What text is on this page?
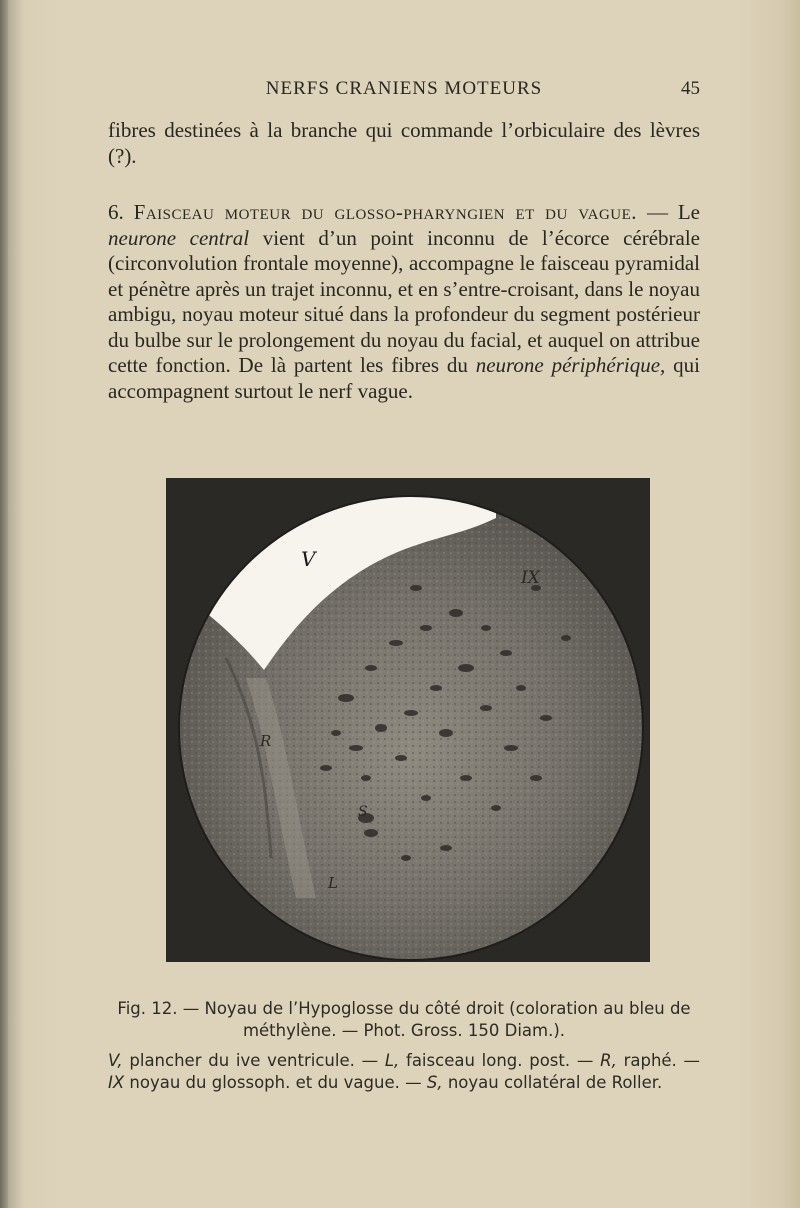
NERFS CRANIENS MOTEURS	45

fibres destinées à la branche qui commande l’orbiculaire des lèvres (?).

6. Faisceau moteur du glosso-pharyngien et du vague. — Le neurone central vient d’un point inconnu de l’écorce cérébrale (circonvolution frontale moyenne), accompagne le faisceau pyramidal et pénètre après un trajet inconnu, et en s’entre-croisant, dans le noyau ambigu, noyau moteur situé dans la profondeur du segment postérieur du bulbe sur le prolongement du noyau du facial, et auquel on attribue cette fonction. De là partent les fibres du neurone périphérique, qui accompagnent surtout le nerf vague.

V
IX
R
L
S
Fig. 12. — Noyau de l’Hypoglosse du côté droit (coloration au bleu de méthylène. — Phot. Gross. 150 Diam.).
V, plancher du ive ventricule. — L, faisceau long. post. — R, raphé. — IX noyau du glossoph. et du vague. — S, noyau collatéral de Roller.
